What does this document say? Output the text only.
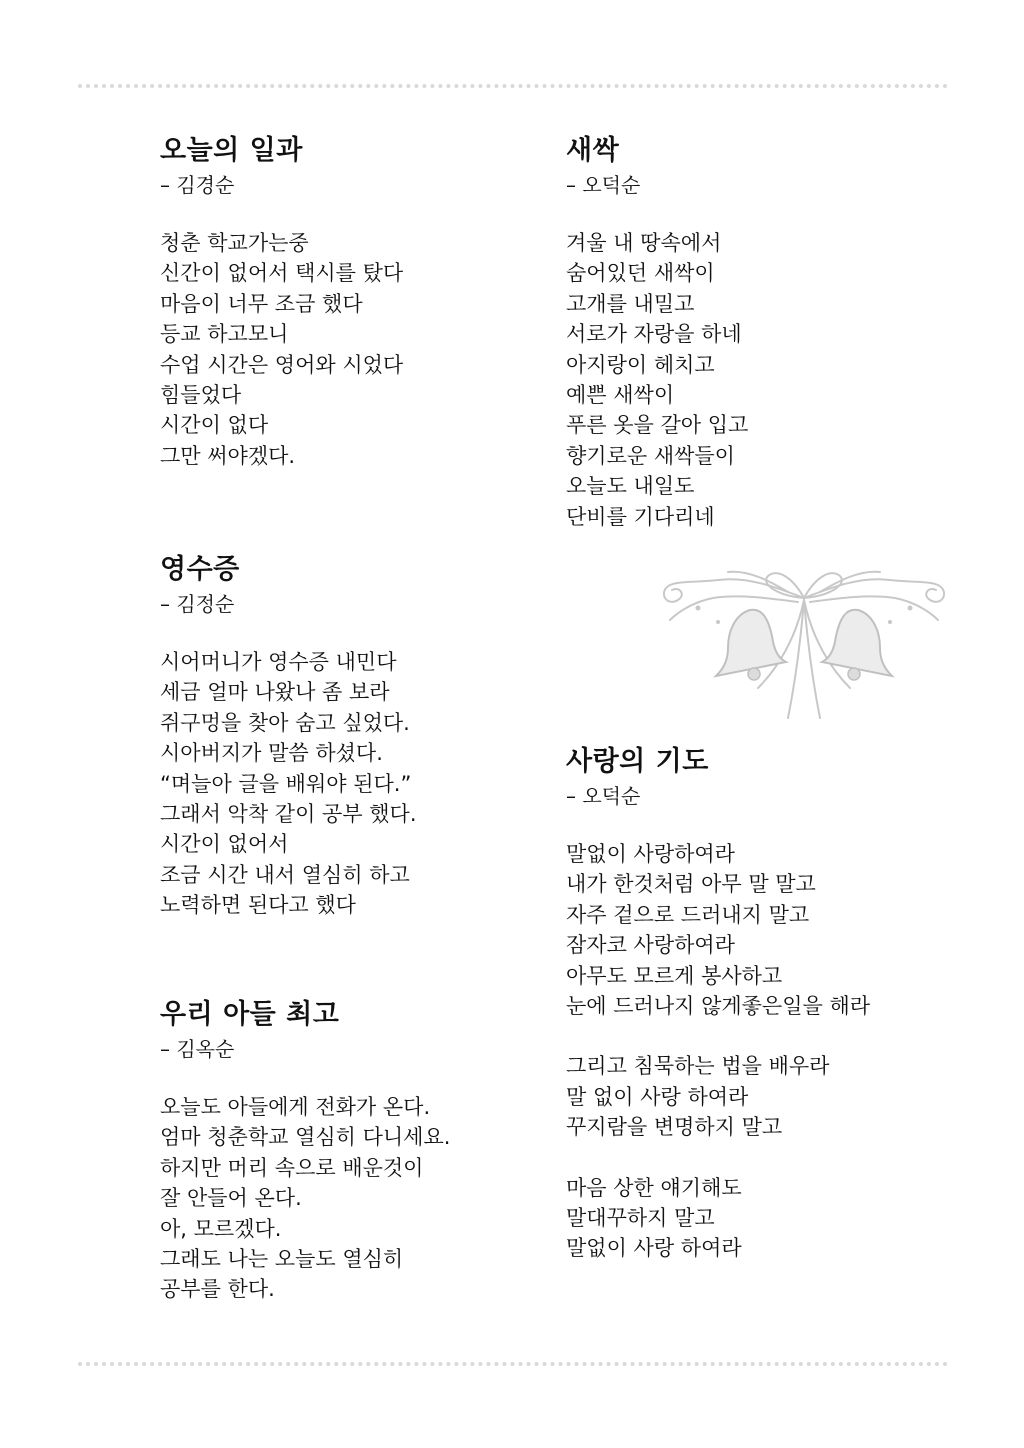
오늘의 일과
– 김경순
청춘 학교가는중
신간이 없어서 택시를 탔다
마음이 너무 조금 했다
등교 하고모니
수업 시간은 영어와 시었다
힘들었다
시간이 없다
그만 써야겠다.
영수증
– 김정순
시어머니가 영수증 내민다
세금 얼마 나왔나 좀 보라
쥐구멍을 찾아 숨고 싶었다.
시아버지가 말씀 하셨다.
“며늘아 글을 배워야 된다.”
그래서 악착 같이 공부 했다.
시간이 없어서
조금 시간 내서 열심히 하고
노력하면 된다고 했다
우리 아들 최고
– 김옥순
오늘도 아들에게 전화가 온다.
엄마 청춘학교 열심히 다니세요.
하지만 머리 속으로 배운것이
잘 안들어 온다.
아, 모르겠다.
그래도 나는 오늘도 열심히
공부를 한다.
새싹
– 오덕순
겨울 내 땅속에서
숨어있던 새싹이
고개를 내밀고
서로가 자랑을 하네
아지랑이 헤치고
예쁜 새싹이
푸른 옷을 갈아 입고
향기로운 새싹들이
오늘도 내일도
단비를 기다리네
사랑의 기도
– 오덕순
말없이 사랑하여라
내가 한것처럼 아무 말 말고
자주 겉으로 드러내지 말고
잠자코 사랑하여라
아무도 모르게 봉사하고
눈에 드러나지 않게좋은일을 해라
그리고 침묵하는 법을 배우라
말 없이 사랑 하여라
꾸지람을 변명하지 말고
마음 상한 얘기해도
말대꾸하지 말고
말없이 사랑 하여라
